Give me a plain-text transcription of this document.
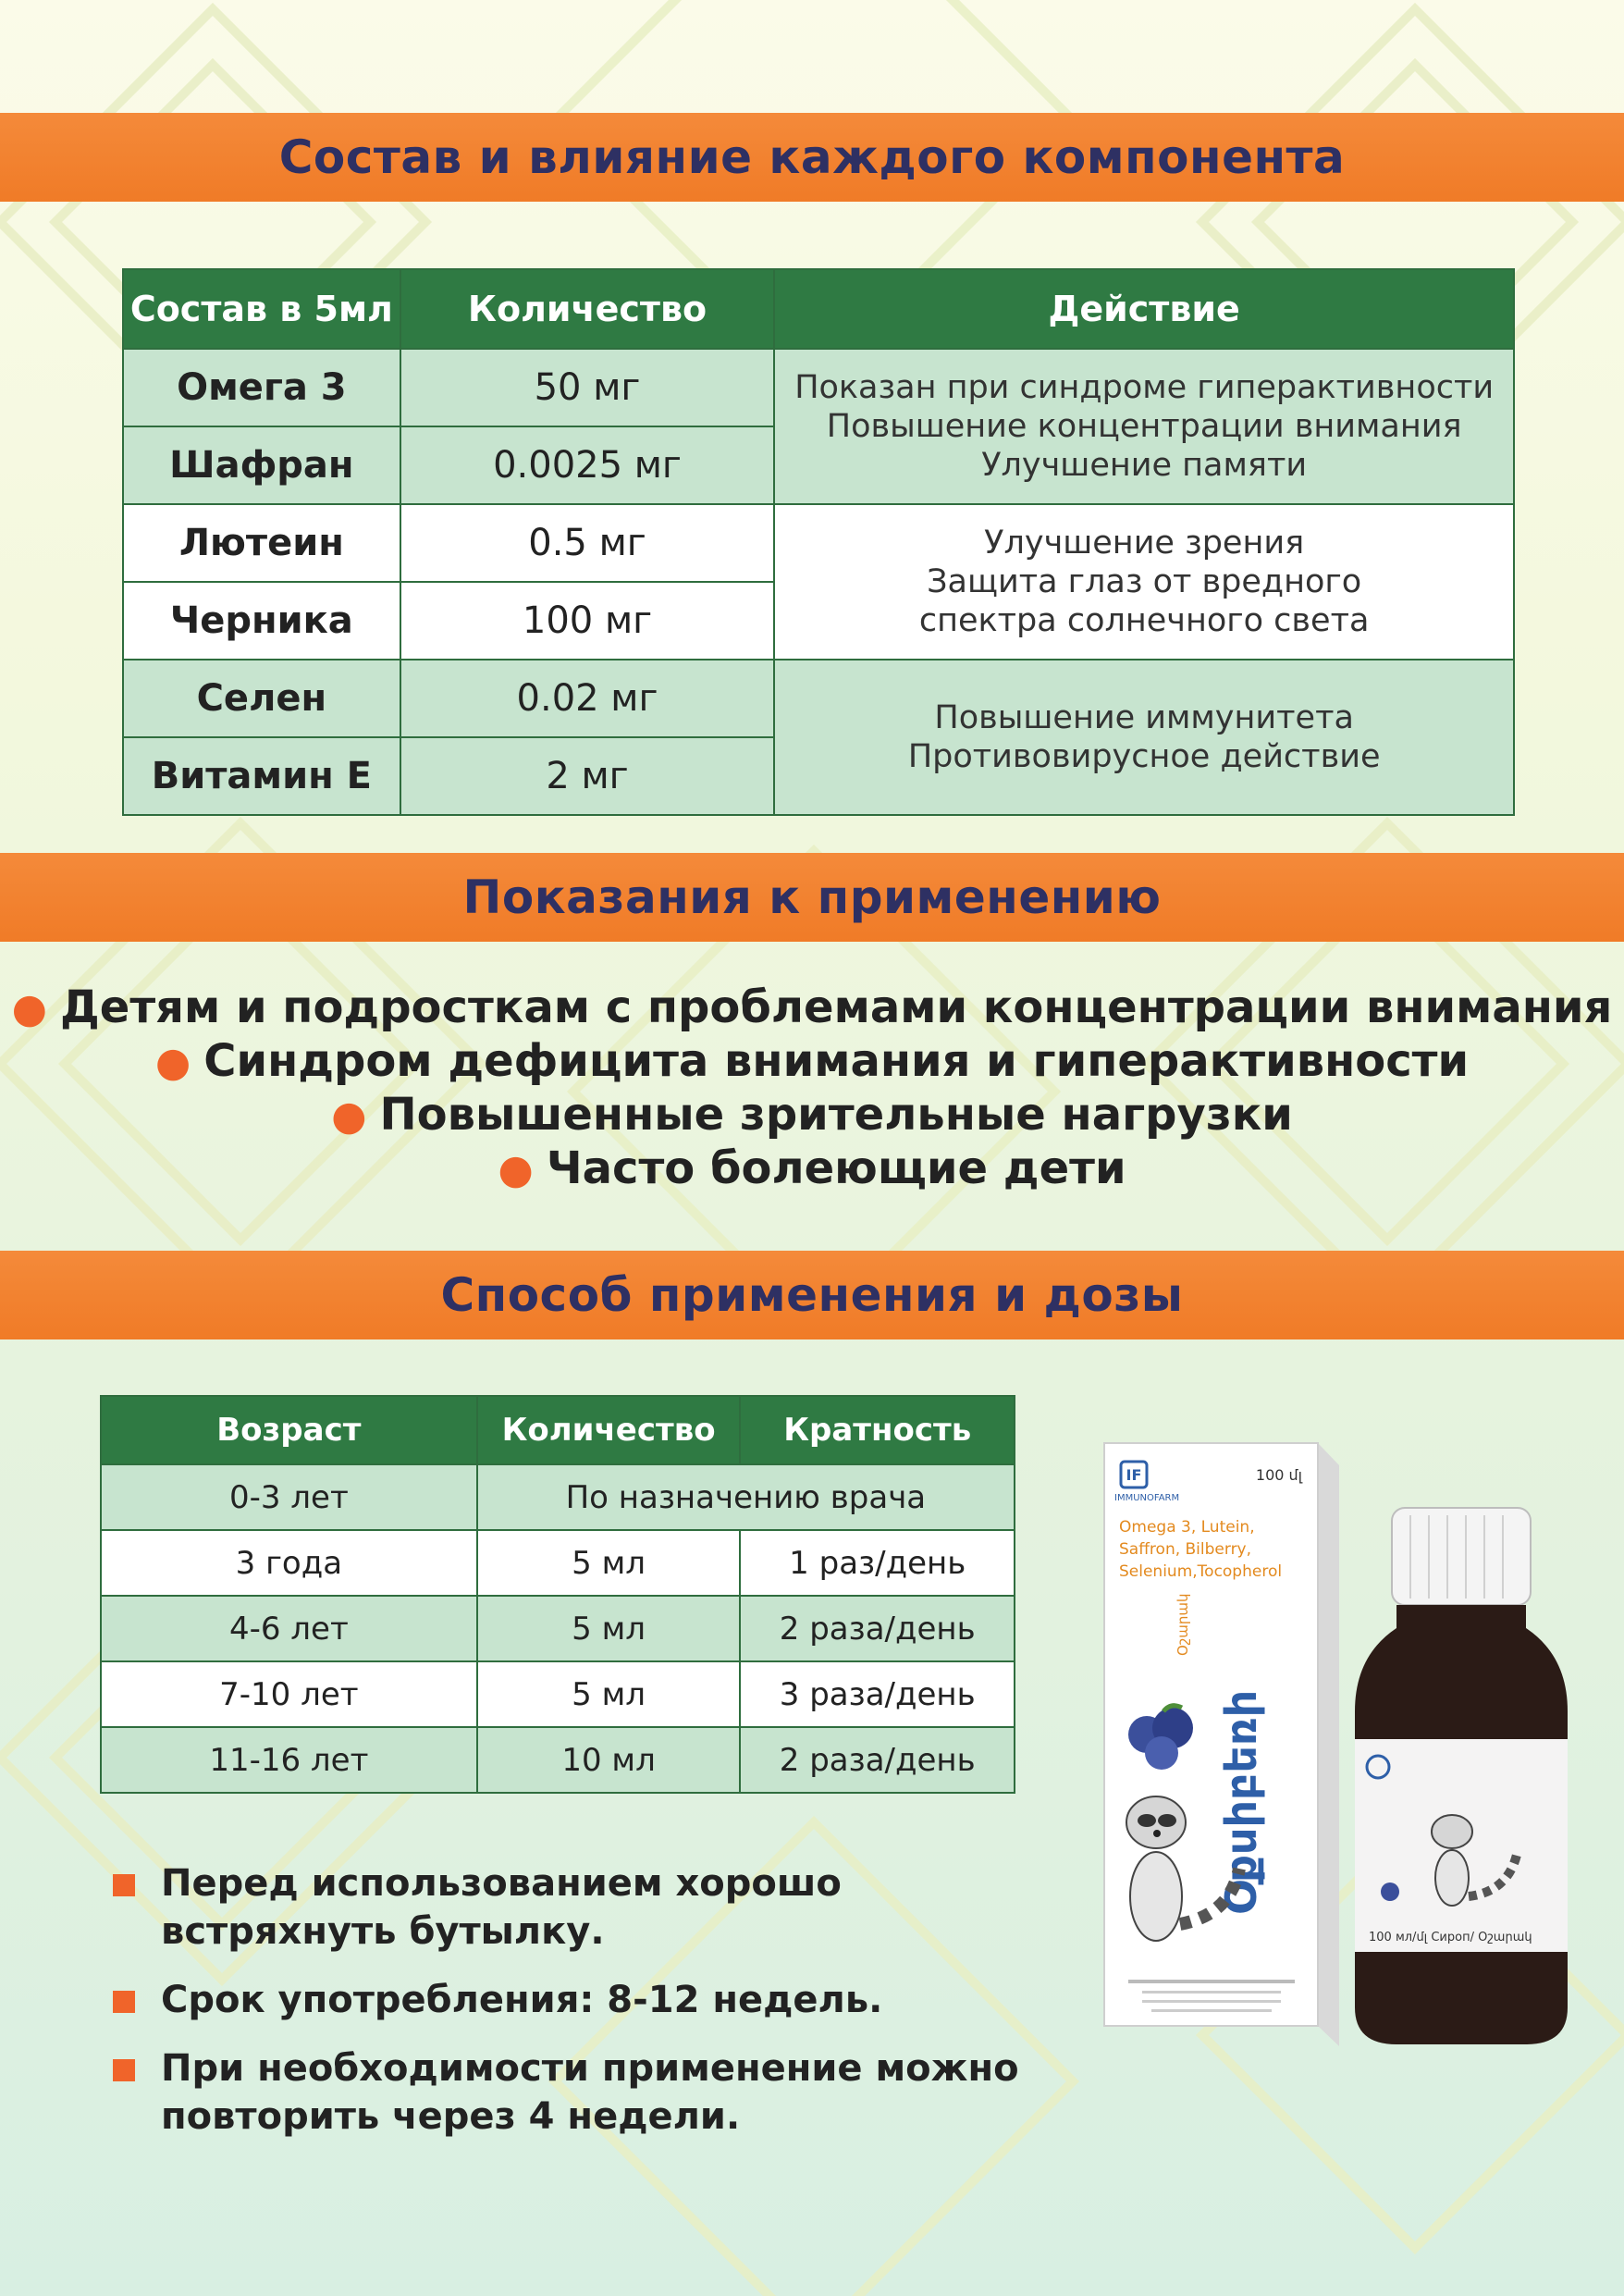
Состав и влияние каждого компонента
Состав в 5мл	Количество	Действие
Омега 3	50 мг	Показан при синдроме гиперактивности
Повышение концентрации внимания
Улучшение памяти

Шафран	0.0025 мг	
Лютеин	0.5 мг	Улучшение зрения
Защита глаз от вредного
спектра солнечного света

Черника	100 мг	
Селен	0.02 мг	Повышение иммунитета
Противовирусное действие

Витамин Е	2 мг	
Показания к применению
● Детям и подросткам с проблемами концентрации внимания
● Синдром дефицита внимания и гиперактивности
● Повышенные зрительные нагрузки
● Часто болеющие дети
Способ применения и дозы
Возраст	Количество	Кратность
0-3 лет	По назначению врача	
3 года	5 мл	1 раз/день
4-6 лет	5 мл	2 раза/день
7-10 лет	5 мл	3 раза/день
11-16 лет	10 мл	2 раза/день
Перед использованием хорошо встряхнуть бутылку.
Срок употребления: 8-12 недель.
При необходимости применение можно повторить через 4 недели.
IF
IMMUNOFARM
100 մլ
Omega 3, Lutein,
Saffron, Bilberry,
Selenium,Tocopherol
Օքսիբեռի
Օշարակ
100 мл/մլ Сироп/ Օշարակ
